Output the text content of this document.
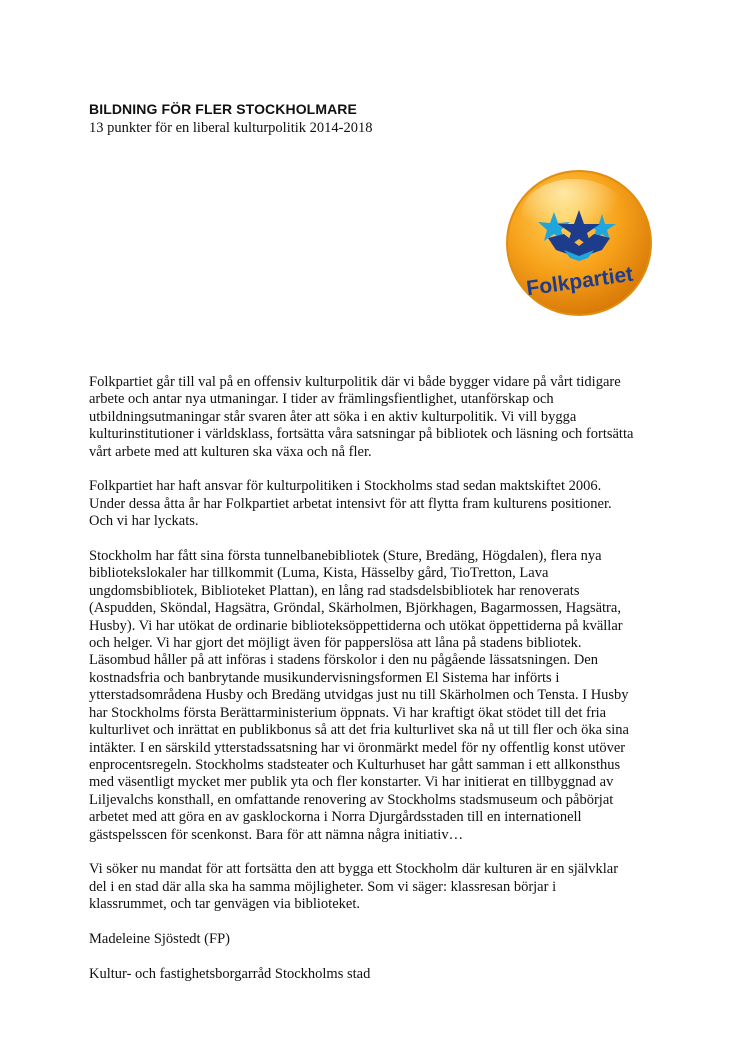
BILDNING FÖR FLER STOCKHOLMARE

13 punkter för en liberal kulturpolitik 2014-2018

Folkpartiet

Folkpartiet går till val på en offensiv kulturpolitik där vi både bygger vidare på vårt tidigare
arbete och antar nya utmaningar. I tider av främlingsfientlighet, utanförskap och
utbildningsutmaningar står svaren åter att söka i en aktiv kulturpolitik. Vi vill bygga
kulturinstitutioner i världsklass, fortsätta våra satsningar på bibliotek och läsning och fortsätta
vårt arbete med att kulturen ska växa och nå fler.

Folkpartiet har haft ansvar för kulturpolitiken i Stockholms stad sedan maktskiftet 2006.
Under dessa åtta år har Folkpartiet arbetat intensivt för att flytta fram kulturens positioner.
Och vi har lyckats.

Stockholm har fått sina första tunnelbanebibliotek (Sture, Bredäng, Högdalen), flera nya
bibliotekslokaler har tillkommit (Luma, Kista, Hässelby gård, TioTretton, Lava
ungdomsbibliotek, Biblioteket Plattan), en lång rad stadsdelsbibliotek har renoverats
(Aspudden, Sköndal, Hagsätra, Gröndal, Skärholmen, Björkhagen, Bagarmossen, Hagsätra,
Husby). Vi har utökat de ordinarie biblioteksöppettiderna och utökat öppettiderna på kvällar
och helger. Vi har gjort det möjligt även för papperslösa att låna på stadens bibliotek.
Läsombud håller på att införas i stadens förskolor i den nu pågående lässatsningen. Den
kostnadsfria och banbrytande musikundervisningsformen El Sistema har införts i
ytterstadsområdena Husby och Bredäng utvidgas just nu till Skärholmen och Tensta. I Husby
har Stockholms första Berättarministerium öppnats. Vi har kraftigt ökat stödet till det fria
kulturlivet och inrättat en publikbonus så att det fria kulturlivet ska nå ut till fler och öka sina
intäkter. I en särskild ytterstadssatsning har vi öronmärkt medel för ny offentlig konst utöver
enprocentsregeln. Stockholms stadsteater och Kulturhuset har gått samman i ett allkonsthus
med väsentligt mycket mer publik yta och fler konstarter. Vi har initierat en tillbyggnad av
Liljevalchs konsthall, en omfattande renovering av Stockholms stadsmuseum och påbörjat
arbetet med att göra en av gasklockorna i Norra Djurgårdsstaden till en internationell
gästspelsscen för scenkonst. Bara för att nämna några initiativ…

Vi söker nu mandat för att fortsätta den att bygga ett Stockholm där kulturen är en självklar
del i en stad där alla ska ha samma möjligheter. Som vi säger: klassresan börjar i
klassrummet, och tar genvägen via biblioteket.

Madeleine Sjöstedt (FP)

Kultur- och fastighetsborgarråd Stockholms stad
